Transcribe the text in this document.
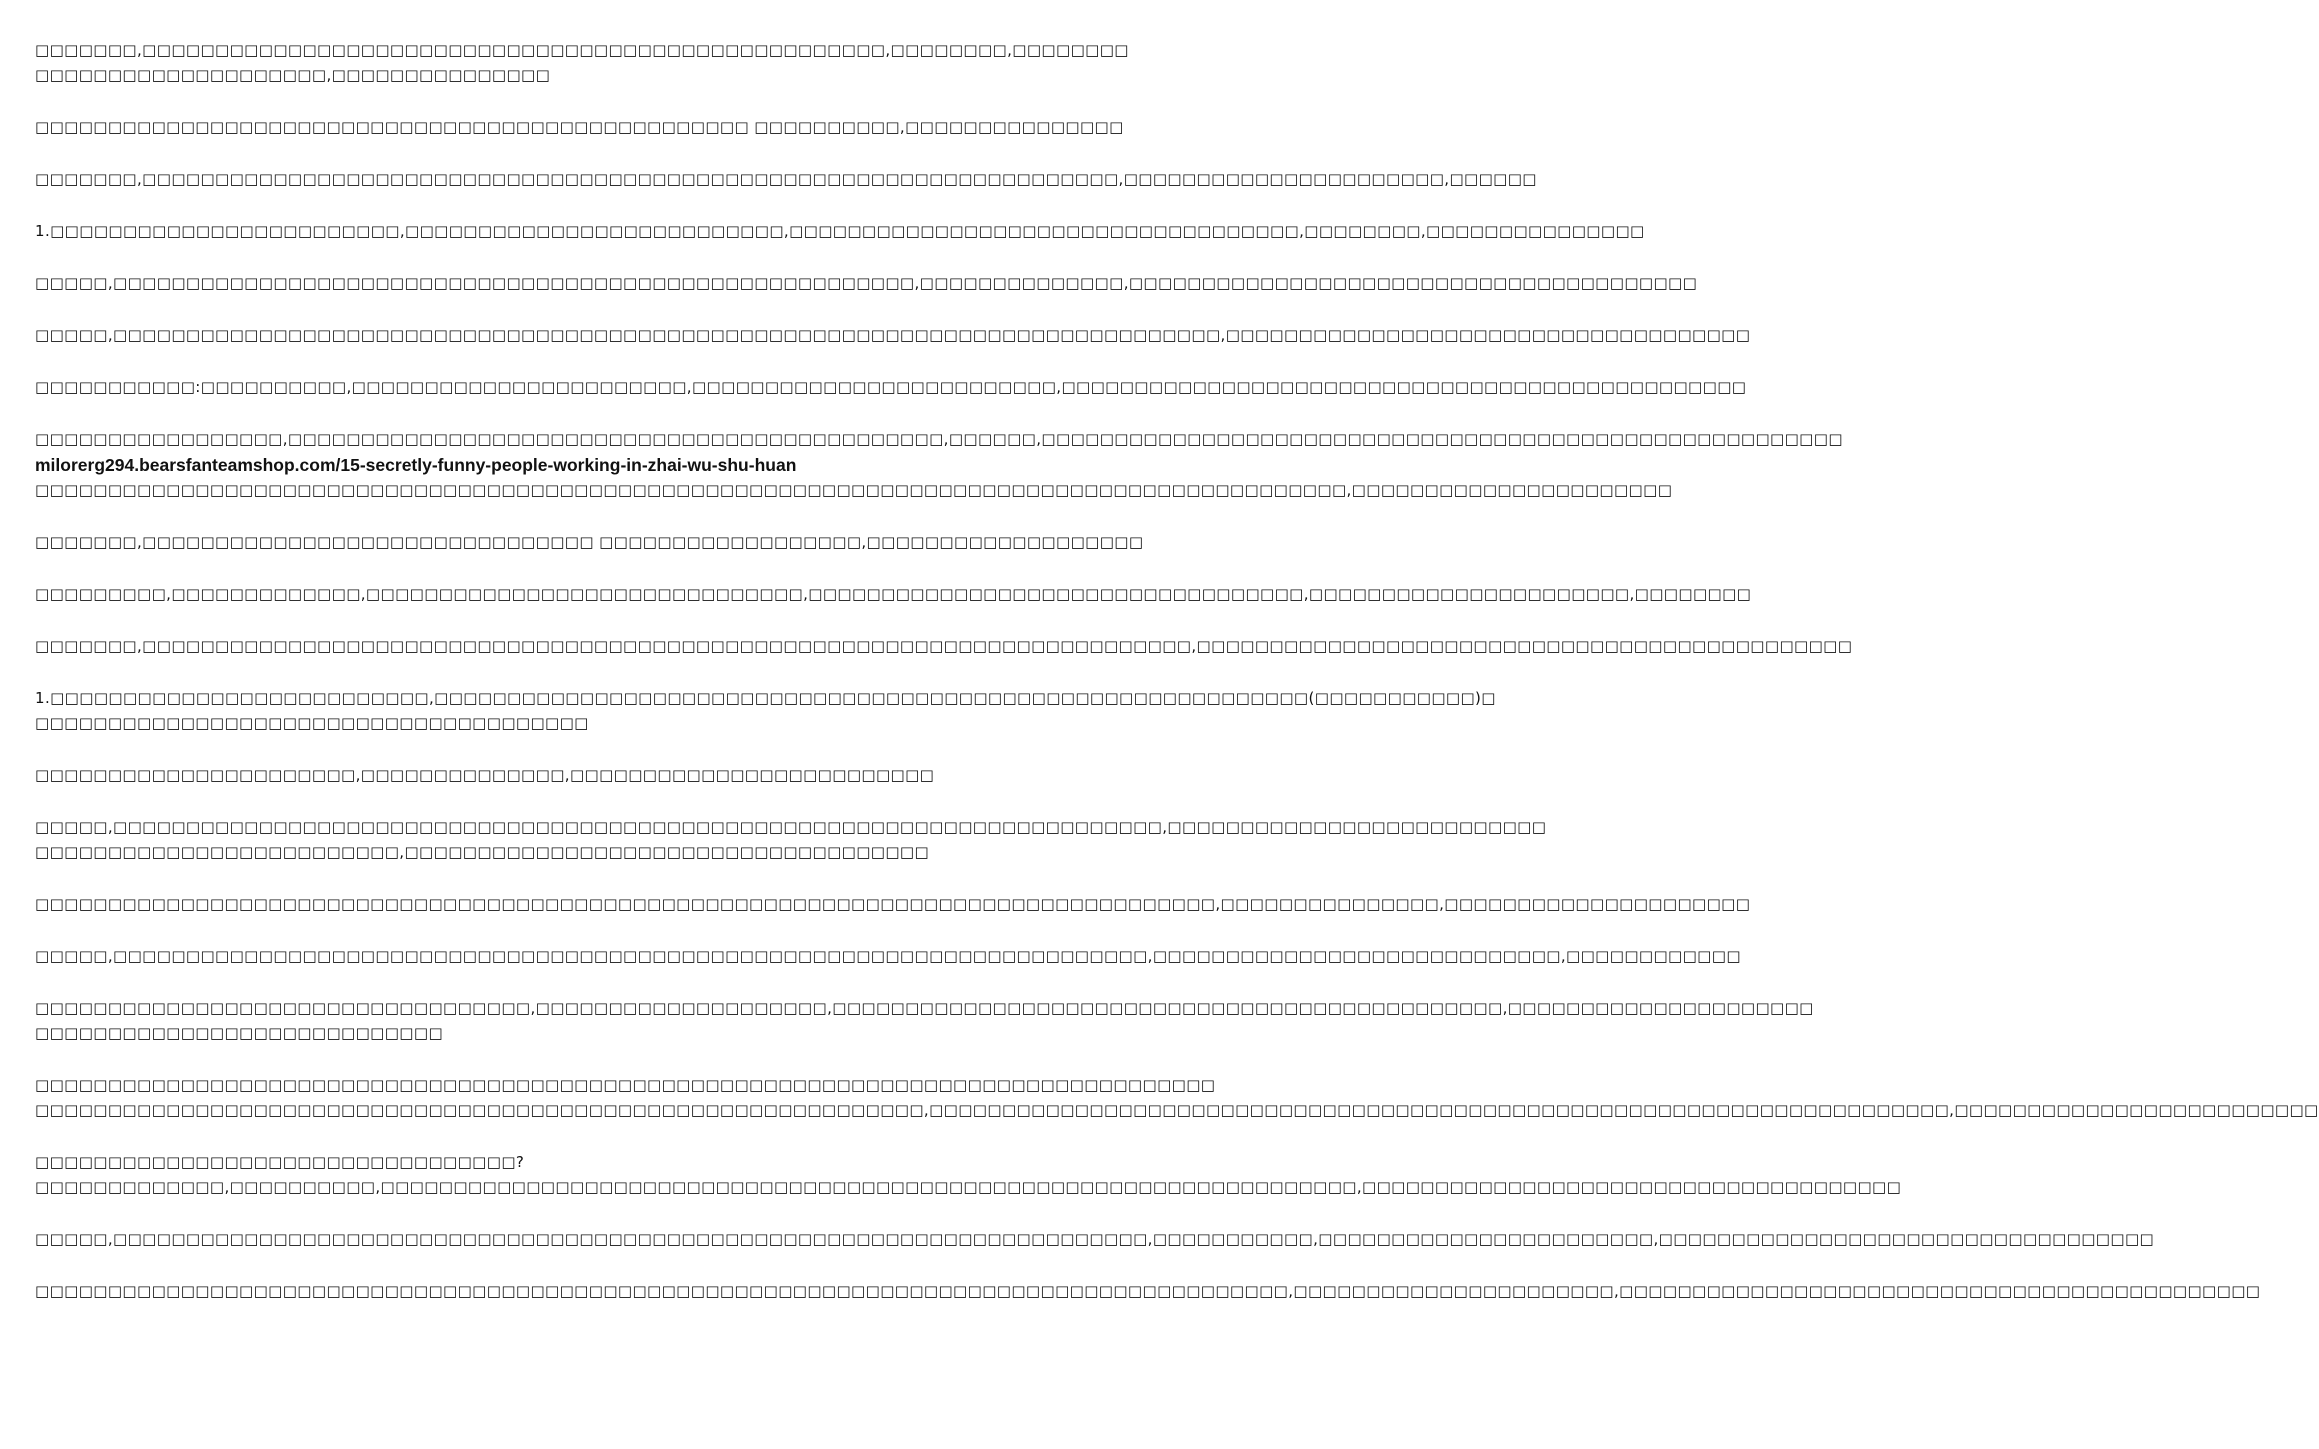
□□□□□□□,□□□□□□□□□□□□□□□□□□□□□□□□□□□□□□□□□□□□□□□□□□□□□□□□□□□,□□□□□□□□,□□□□□□□□
□□□□□□□□□□□□□□□□□□□□,□□□□□□□□□□□□□□□
□□□□□□□□□□□□□□□□□□□□□□□□□□□□□□□□□□□□□□□□□□□□□□□□□ □□□□□□□□□□,□□□□□□□□□□□□□□□
□□□□□□□,□□□□□□□□□□□□□□□□□□□□□□□□□□□□□□□□□□□□□□□□□□□□□□□□□□□□□□□□□□□□□□□□□□□,□□□□□□□□□□□□□□□□□□□□□□,□□□□□□
1.□□□□□□□□□□□□□□□□□□□□□□□□,□□□□□□□□□□□□□□□□□□□□□□□□□□,□□□□□□□□□□□□□□□□□□□□□□□□□□□□□□□□□□□,□□□□□□□□,□□□□□□□□□□□□□□□
□□□□□,□□□□□□□□□□□□□□□□□□□□□□□□□□□□□□□□□□□□□□□□□□□□□□□□□□□□□□□,□□□□□□□□□□□□□□,□□□□□□□□□□□□□□□□□□□□□□□□□□□□□□□□□□□□□□□
□□□□□,□□□□□□□□□□□□□□□□□□□□□□□□□□□□□□□□□□□□□□□□□□□□□□□□□□□□□□□□□□□□□□□□□□□□□□□□□□□□,□□□□□□□□□□□□□□□□□□□□□□□□□□□□□□□□□□□□
□□□□□□□□□□□:□□□□□□□□□□,□□□□□□□□□□□□□□□□□□□□□□□,□□□□□□□□□□□□□□□□□□□□□□□□□,□□□□□□□□□□□□□□□□□□□□□□□□□□□□□□□□□□□□□□□□□□□□□□□
□□□□□□□□□□□□□□□□□,□□□□□□□□□□□□□□□□□□□□□□□□□□□□□□□□□□□□□□□□□□□□□,□□□□□□,□□□□□□□□□□□□□□□□□□□□□□□□□□□□□□□□□□□□□□□□□□□□□□□□□□□□□□□
milorerg294.bearsfanteamshop.com/15-secretly-funny-people-working-in-zhai-wu-shu-huan
□□□□□□□□□□□□□□□□□□□□□□□□□□□□□□□□□□□□□□□□□□□□□□□□□□□□□□□□□□□□□□□□□□□□□□□□□□□□□□□□□□□□□□□□□□,□□□□□□□□□□□□□□□□□□□□□□
□□□□□□□,□□□□□□□□□□□□□□□□□□□□□□□□□□□□□□□ □□□□□□□□□□□□□□□□□□,□□□□□□□□□□□□□□□□□□□
□□□□□□□□□,□□□□□□□□□□□□□,□□□□□□□□□□□□□□□□□□□□□□□□□□□□□□,□□□□□□□□□□□□□□□□□□□□□□□□□□□□□□□□□□,□□□□□□□□□□□□□□□□□□□□□□,□□□□□□□□
□□□□□□□,□□□□□□□□□□□□□□□□□□□□□□□□□□□□□□□□□□□□□□□□□□□□□□□□□□□□□□□□□□□□□□□□□□□□□□□□,□□□□□□□□□□□□□□□□□□□□□□□□□□□□□□□□□□□□□□□□□□□□□
1.□□□□□□□□□□□□□□□□□□□□□□□□□□,□□□□□□□□□□□□□□□□□□□□□□□□□□□□□□□□□□□□□□□□□□□□□□□□□□□□□□□□□□□□(□□□□□□□□□□□)□
□□□□□□□□□□□□□□□□□□□□□□□□□□□□□□□□□□□□□□
□□□□□□□□□□□□□□□□□□□□□□,□□□□□□□□□□□□□□,□□□□□□□□□□□□□□□□□□□□□□□□□
□□□□□,□□□□□□□□□□□□□□□□□□□□□□□□□□□□□□□□□□□□□□□□□□□□□□□□□□□□□□□□□□□□□□□□□□□□□□□□,□□□□□□□□□□□□□□□□□□□□□□□□□□
□□□□□□□□□□□□□□□□□□□□□□□□□,□□□□□□□□□□□□□□□□□□□□□□□□□□□□□□□□□□□□
□□□□□□□□□□□□□□□□□□□□□□□□□□□□□□□□□□□□□□□□□□□□□□□□□□□□□□□□□□□□□□□□□□□□□□□□□□□□□□□□□,□□□□□□□□□□□□□□□,□□□□□□□□□□□□□□□□□□□□□
□□□□□,□□□□□□□□□□□□□□□□□□□□□□□□□□□□□□□□□□□□□□□□□□□□□□□□□□□□□□□□□□□□□□□□□□□□□□□,□□□□□□□□□□□□□□□□□□□□□□□□□□□□,□□□□□□□□□□□□
□□□□□□□□□□□□□□□□□□□□□□□□□□□□□□□□□□,□□□□□□□□□□□□□□□□□□□□,□□□□□□□□□□□□□□□□□□□□□□□□□□□□□□□□□□□□□□□□□□□□□□,□□□□□□□□□□□□□□□□□□□□□
□□□□□□□□□□□□□□□□□□□□□□□□□□□□
□□□□□□□□□□□□□□□□□□□□□□□□□□□□□□□□□□□□□□□□□□□□□□□□□□□□□□□□□□□□□□□□□□□□□□□□□□□□□□□□□
□□□□□□□□□□□□□□□□□□□□□□□□□□□□□□□□□□□□□□□□□□□□□□□□□□□□□□□□□□□□□,□□□□□□□□□□□□□□□□□□□□□□□□□□□□□□□□□□□□□□□□□□□□□□□□□□□□□□□□□□□□□□□□□□□□□□,□□□□□□□□□□□□□□□□□□□□□□□□□
□□□□□□□□□□□□□□□□□□□□□□□□□□□□□□□□□?
□□□□□□□□□□□□□,□□□□□□□□□□,□□□□□□□□□□□□□□□□□□□□□□□□□□□□□□□□□□□□□□□□□□□□□□□□□□□□□□□□□□□□□□□□□□□,□□□□□□□□□□□□□□□□□□□□□□□□□□□□□□□□□□□□□
□□□□□,□□□□□□□□□□□□□□□□□□□□□□□□□□□□□□□□□□□□□□□□□□□□□□□□□□□□□□□□□□□□□□□□□□□□□□□,□□□□□□□□□□□,□□□□□□□□□□□□□□□□□□□□□□□,□□□□□□□□□□□□□□□□□□□□□□□□□□□□□□□□□□
□□□□□□□□□□□□□□□□□□□□□□□□□□□□□□□□□□□□□□□□□□□□□□□□□□□□□□□□□□□□□□□□□□□□□□□□□□□□□□□□□□□□□□,□□□□□□□□□□□□□□□□□□□□□□,□□□□□□□□□□□□□□□□□□□□□□□□□□□□□□□□□□□□□□□□□□□□
